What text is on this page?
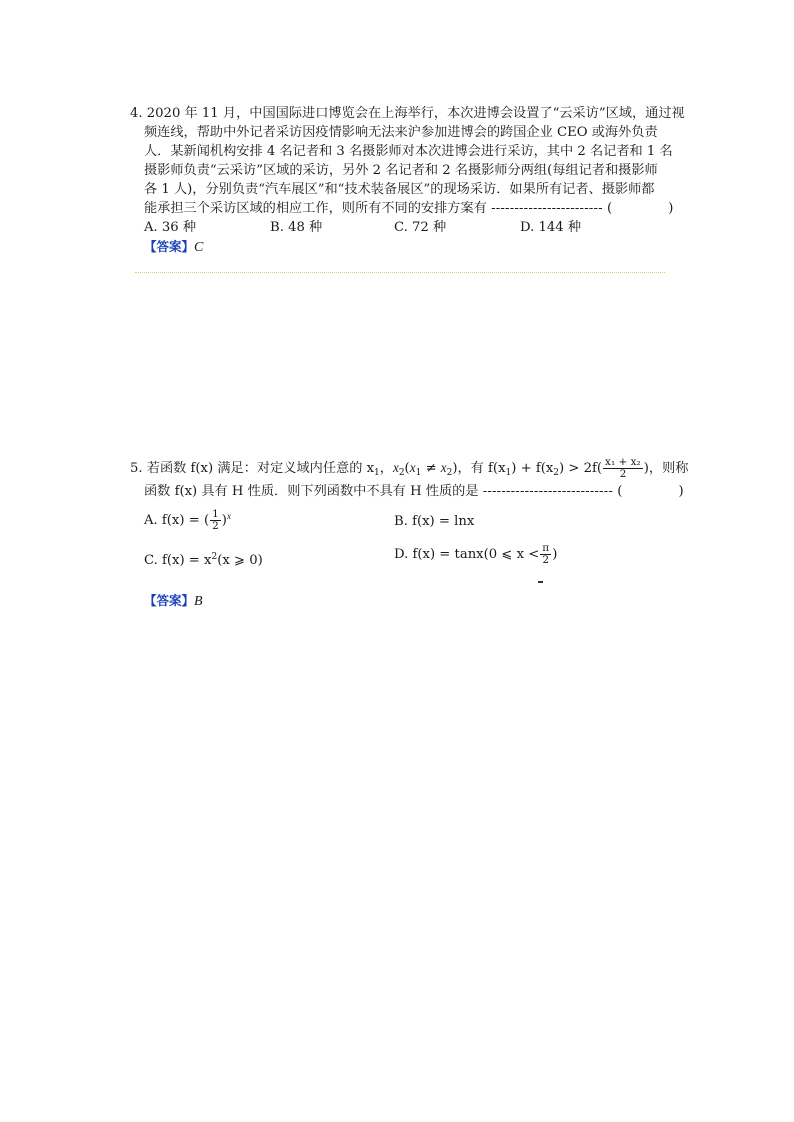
4. 2020 年 11 月，中国国际进口博览会在上海举行，本次进博会设置了“云采访”区域，通过视
频连线，帮助中外记者采访因疫情影响无法来沪参加进博会的跨国企业 CEO 或海外负责
人．某新闻机构安排 4 名记者和 3 名摄影师对本次进博会进行采访，其中 2 名记者和 1 名
摄影师负责“云采访”区域的采访，另外 2 名记者和 2 名摄影师分两组(每组记者和摄影师
各 1 人)，分别负责“汽车展区”和“技术装备展区”的现场采访．如果所有记者、摄影师都
能承担三个采访区域的相应工作，则所有不同的安排方案有 ------------------------ (	)
A. 36 种	B. 48 种	C. 72 种	D. 144 种
【答案】C
5. 若函数 f(x) 满足：对定义域内任意的 $x_1$，$x_2(x_1 \ne x_2)$，有 $f(x_1) + f(x_2) > 2f( \frac{\text{x₁ + x₂}}{2}$ )，则称
函数 f(x) 具有 H 性质．则下列函数中不具有 H 性质的是 ---------------------------- (	)
A. f(x) = ( $\frac{1}{2} )^x$	B. f(x) = lnx
C. $f(x) = x^2(x$ ⩾ 0)	D. f(x) = tanx(0 ⩽ $x < \frac{\pi}{2}$ )
【答案】B
